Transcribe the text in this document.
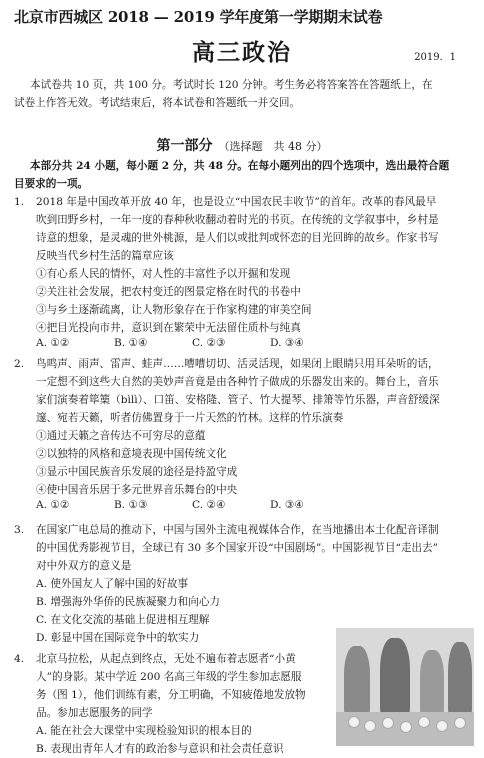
北京市西城区 2018 — 2019 学年度第一学期期末试卷
高三政治	2019．1
本试卷共 10 页，共 100 分。考试时长 120 分钟。考生务必将答案答在答题纸上，在
试卷上作答无效。考试结束后，将本试卷和答题纸一并交回。
第一部分 （选择题　共 48 分）
本部分共 24 小题，每小题 2 分，共 48 分。在每小题列出的四个选项中，选出最符合题
目要求的一项。
1. 2018 年是中国改革开放 40 年，也是设立“中国农民丰收节”的首年。改革的春风最早
吹到田野乡村，一年一度的春种秋收翻动着时光的书页。在传统的文学叙事中，乡村是
诗意的想象，是灵魂的世外桃源，是人们以或批判或怀恋的目光回眸的故乡。作家书写
反映当代乡村生活的篇章应该
①有心系人民的情怀，对人性的丰富性予以开掘和发现
②关注社会发展，把农村变迁的图景定格在时代的书卷中
③与乡土逐渐疏离，让人物形象存在于作家构建的审美空间
④把目光投向市井，意识到在繁荣中无法留住质朴与纯真
A. ①②	B. ①④	C. ②③	D. ③④
2. 鸟鸣声、雨声、雷声、蛙声……嘈嘈切切、活灵活现，如果闭上眼睛只用耳朵听的话，
一定想不到这些大自然的美妙声音竟是由各种竹子做成的乐器发出来的。舞台上，音乐
家们演奏着筚篥（bìlì）、口笛、安格隆、管子、竹大提琴、排箫等竹乐器，声音舒缓深
邃、宛若天籁，听者仿佛置身于一片天然的竹林。这样的竹乐演奏
①通过天籁之音传达不可穷尽的意蕴
②以独特的风格和意境表现中国传统文化
③显示中国民族音乐发展的途径是持盈守成
④使中国音乐居于多元世界音乐舞台的中央
A. ①②	B. ①③	C. ②④	D. ③④
3. 在国家广电总局的推动下，中国与国外主流电视媒体合作，在当地播出本土化配音译制
的中国优秀影视节目，全球已有 30 多个国家开设“中国剧场”。中国影视节目“走出去”
对中外双方的意义是
A. 使外国友人了解中国的好故事
B. 增强海外华侨的民族凝聚力和向心力
C. 在文化交流的基础上促进相互理解
D. 彰显中国在国际竞争中的软实力
4. 北京马拉松，从起点到终点，无处不遍布着志愿者“小黄
人”的身影。某中学近 200 名高三年级的学生参加志愿服
务（图 1），他们训练有素，分工明确，不知疲倦地发放物
品。参加志愿服务的同学
A. 能在社会大课堂中实现检验知识的根本目的
B. 表现出青年人才有的政治参与意识和社会责任意识
